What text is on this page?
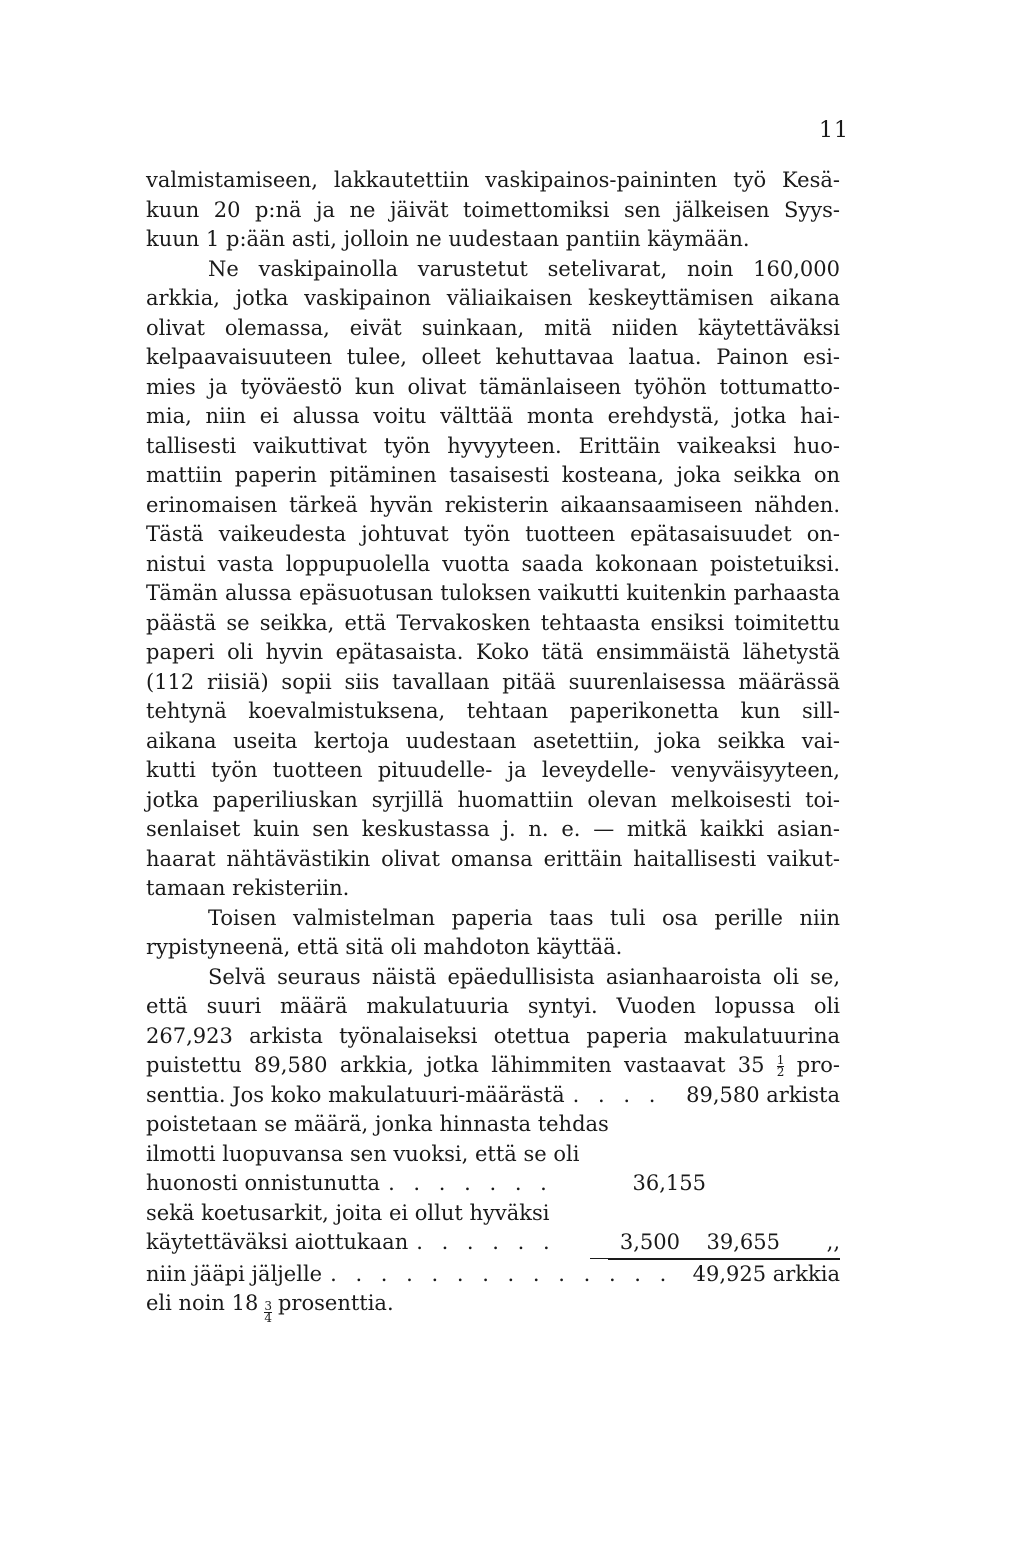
11

valmistamiseen, lakkautettiin vaskipainos-paininten työ Kesä-
kuun 20 p:nä ja ne jäivät toimettomiksi sen jälkeisen Syys-
kuun 1 p:ään asti, jolloin ne uudestaan pantiin käymään.

Ne vaskipainolla varustetut setelivarat, noin 160,000
arkkia, jotka vaskipainon väliaikaisen keskeyttämisen aikana
olivat olemassa, eivät suinkaan, mitä niiden käytettäväksi
kelpaavaisuuteen tulee, olleet kehuttavaa laatua. Painon esi-
mies ja työväestö kun olivat tämänlaiseen työhön tottumatto-
mia, niin ei alussa voitu välttää monta erehdystä, jotka hai-
tallisesti vaikuttivat työn hyvyyteen. Erittäin vaikeaksi huo-
mattiin paperin pitäminen tasaisesti kosteana, joka seikka on
erinomaisen tärkeä hyvän rekisterin aikaansaamiseen nähden.
Tästä vaikeudesta johtuvat työn tuotteen epätasaisuudet on-
nistui vasta loppupuolella vuotta saada kokonaan poistetuiksi.
Tämän alussa epäsuotusan tuloksen vaikutti kuitenkin parhaasta
päästä se seikka, että Tervakosken tehtaasta ensiksi toimitettu
paperi oli hyvin epätasaista. Koko tätä ensimmäistä lähetystä
(112 riisiä) sopii siis tavallaan pitää suurenlaisessa määrässä
tehtynä koevalmistuksena, tehtaan paperikonetta kun sill-
aikana useita kertoja uudestaan asetettiin, joka seikka vai-
kutti työn tuotteen pituudelle- ja leveydelle- venyväisyyteen,
jotka paperiliuskan syrjillä huomattiin olevan melkoisesti toi-
senlaiset kuin sen keskustassa j. n. e. — mitkä kaikki asian-
haarat nähtävästikin olivat omansa erittäin haitallisesti vaikut-
tamaan rekisteriin.

Toisen valmistelman paperia taas tuli osa perille niin
rypistyneenä, että sitä oli mahdoton käyttää.

Selvä seuraus näistä epäedullisista asianhaaroista oli se,
että suuri määrä makulatuuria syntyi. Vuoden lopussa oli
267,923 arkista työnalaiseksi otettua paperia makulatuurina
puistettu 89,580 arkkia, jotka lähimmiten vastaavat $35 \frac{1}{2} pro-$

senttia. Jos koko makulatuuri-määrästä . . . .	89,580 arkista
poistetaan se määrä, jonka hinnasta tehdas
ilmotti luopuvansa sen vuoksi, että se oli
huonosti onnistunutta . . . . . . .	36,155
sekä koetusarkit, joita ei ollut hyväksi
käytettäväksi aiottukaan . . . . . .	3,500	39,655	,,
niin jääpi jäljelle . . . . . . . . . . . . . . 49,925 arkkia
eli noin $18 \frac{3}{4}$ prosenttia.
